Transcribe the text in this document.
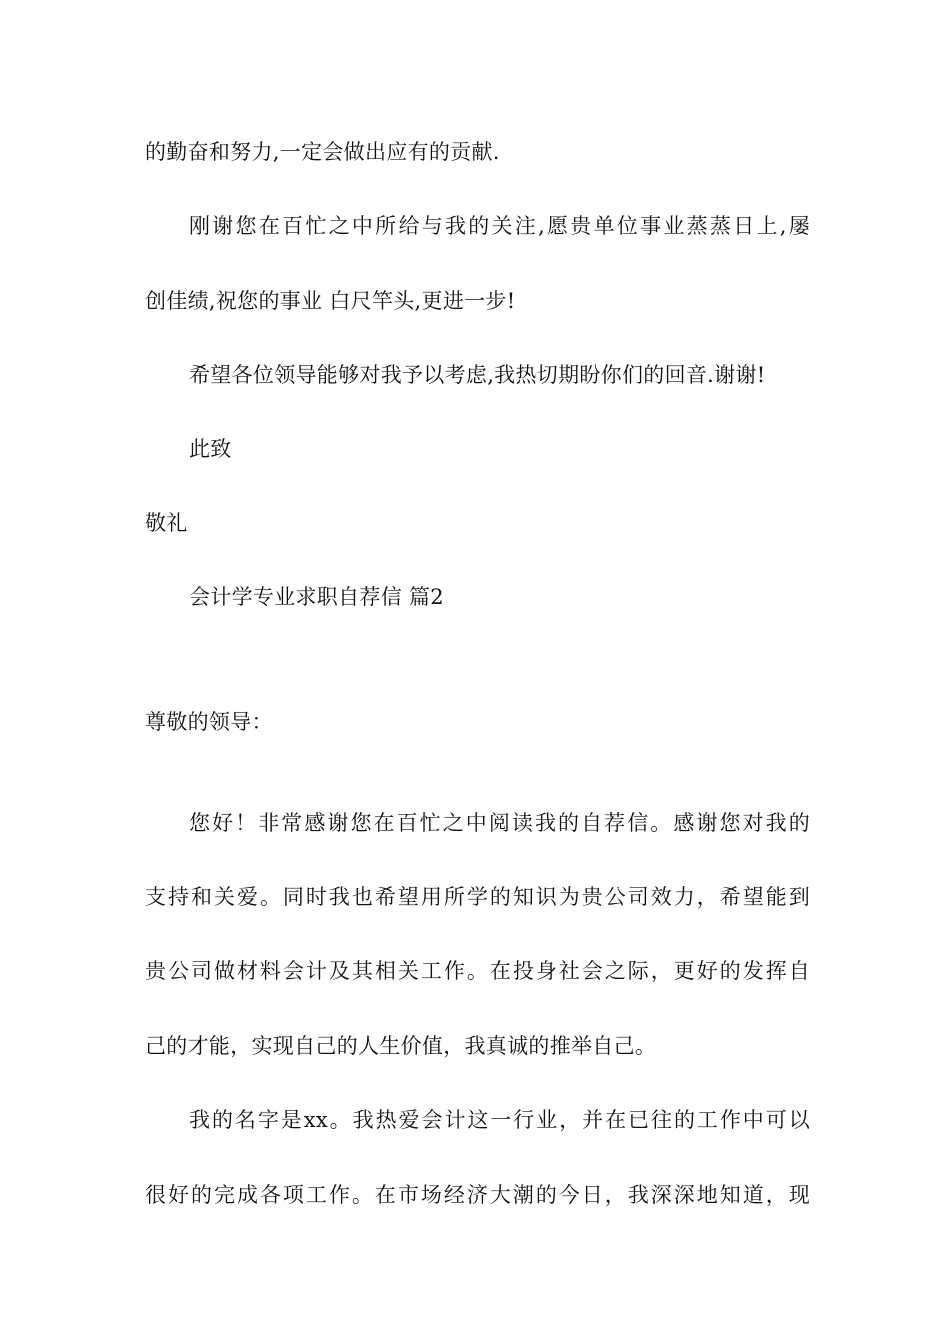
的勤奋和努力,一定会做出应有的贡献.
刚谢您在百忙之中所给与我的关注,愿贵单位事业蒸蒸日上,屡
创佳绩,祝您的事业 白尺竿头,更进一步!
希望各位领导能够对我予以考虑,我热切期盼你们的回音.谢谢!
此致
敬礼
会计学专业求职自荐信 篇2
尊敬的领导：
您好！非常感谢您在百忙之中阅读我的自荐信。感谢您对我的
支持和关爱。同时我也希望用所学的知识为贵公司效力，希望能到
贵公司做材料会计及其相关工作。在投身社会之际，更好的发挥自
己的才能，实现自己的人生价值，我真诚的推举自己。
我的名字是xx。我热爱会计这一行业，并在已往的工作中可以
很好的完成各项工作。在市场经济大潮的今日，我深深地知道，现
